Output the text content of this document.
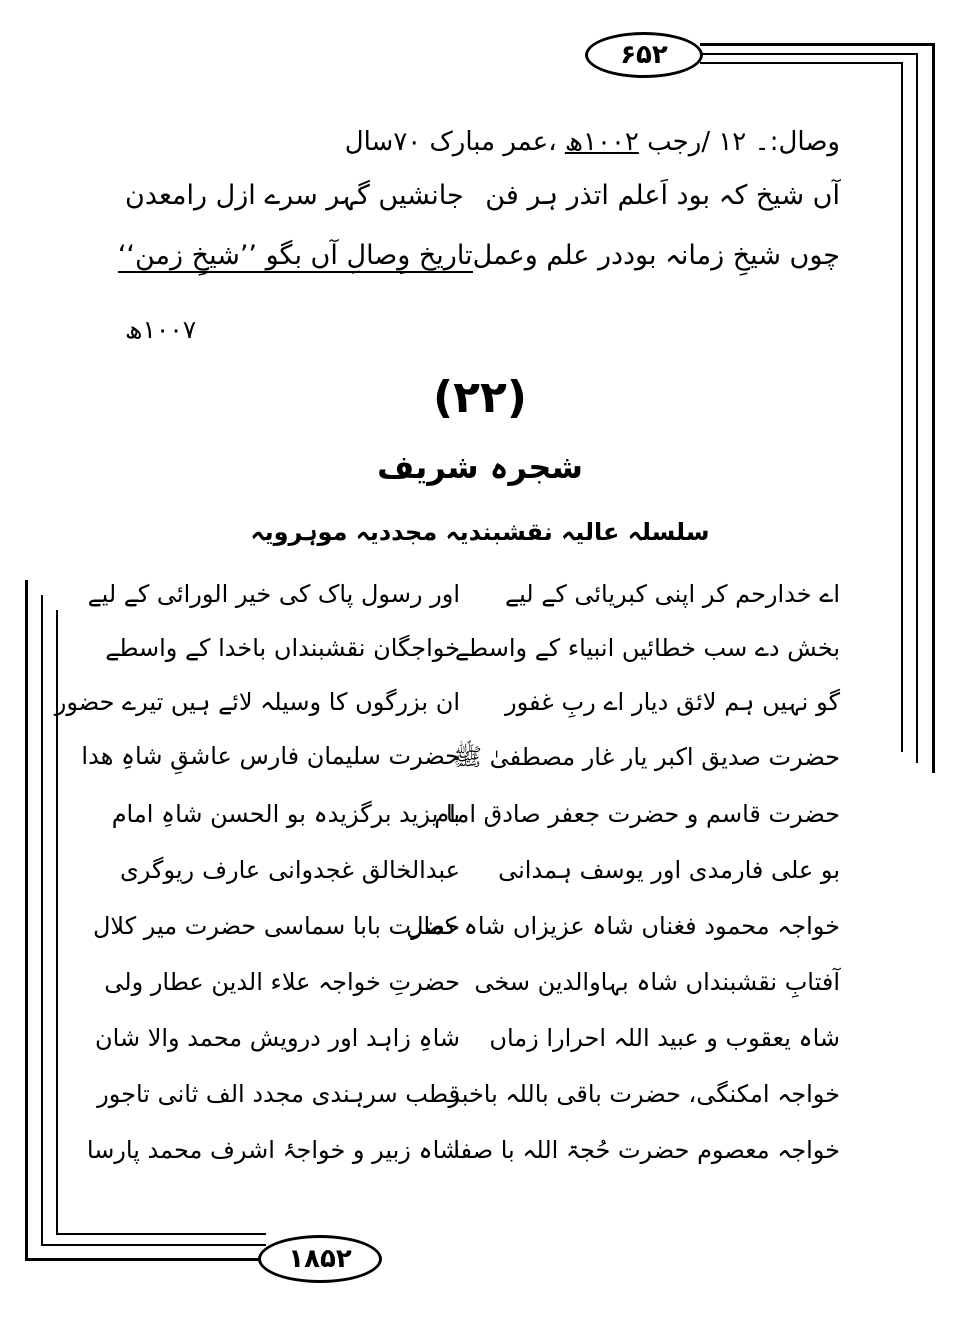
۶۵۲
وصال:۔ ۱۲ /رجب ۱۰۰۲ھ ،عمر مبارک ۷۰سال
آں شیخ کہ بود اَعلم اتذر ہر فن
جانشیں گہر سرے ازل رامعدن
چوں شیخِ زمانہ بوددر علم وعمل
تاریخ وِصالِ آں بگو ’’شیخِ زمن‘‘
۱۰۰۷ھ
(۲۲)
شجرہ شریف
سلسلہ عالیہ نقشبندیہ مجددیہ موہرویہ
اے خدارحم کر اپنی کبریائی کے لیے
اور رسول پاک کی خیر الورائی کے لیے
بخش دے سب خطائیں انبیاء کے واسطے
خواجگان نقشبنداں باخدا کے واسطے
گو نہیں ہم لائق دیار اے ربِ غفور
ان بزرگوں کا وسیلہ لائے ہیں تیرے حضور
حضرت صدیق اکبر یار غار مصطفیٰ ﷺ
حضرت سلیمان فارس عاشقِ شاہِ ھدا
حضرت قاسم و حضرت جعفر صادق امام
با یزید برگزیدہ بو الحسن شاہِ امام
بو علی فارمدی اور یوسف ہمدانی
عبدالخالق غجدوانی عارف ریوگری
خواجہ محمود فغناں شاہ عزیزاں شاہ کمال
حضرت بابا سماسی حضرت میر کلال
آفتابِ نقشبنداں شاہ بہاوالدین سخی
حضرتِ خواجہ علاء الدین عطار ولی
شاہ یعقوب و عبید اللہ احرارا زماں
شاہِ زاہد اور درویش محمد والا شان
خواجہ امکنگی، حضرت باقی باللہ باخبر
قطب سرہندی مجدد الف ثانی تاجور
خواجہ معصوم حضرت حُجۃ اللہ با صفا
شاہ زبیر و خواجۂ اشرف محمد پارسا
۱۸۵۲
